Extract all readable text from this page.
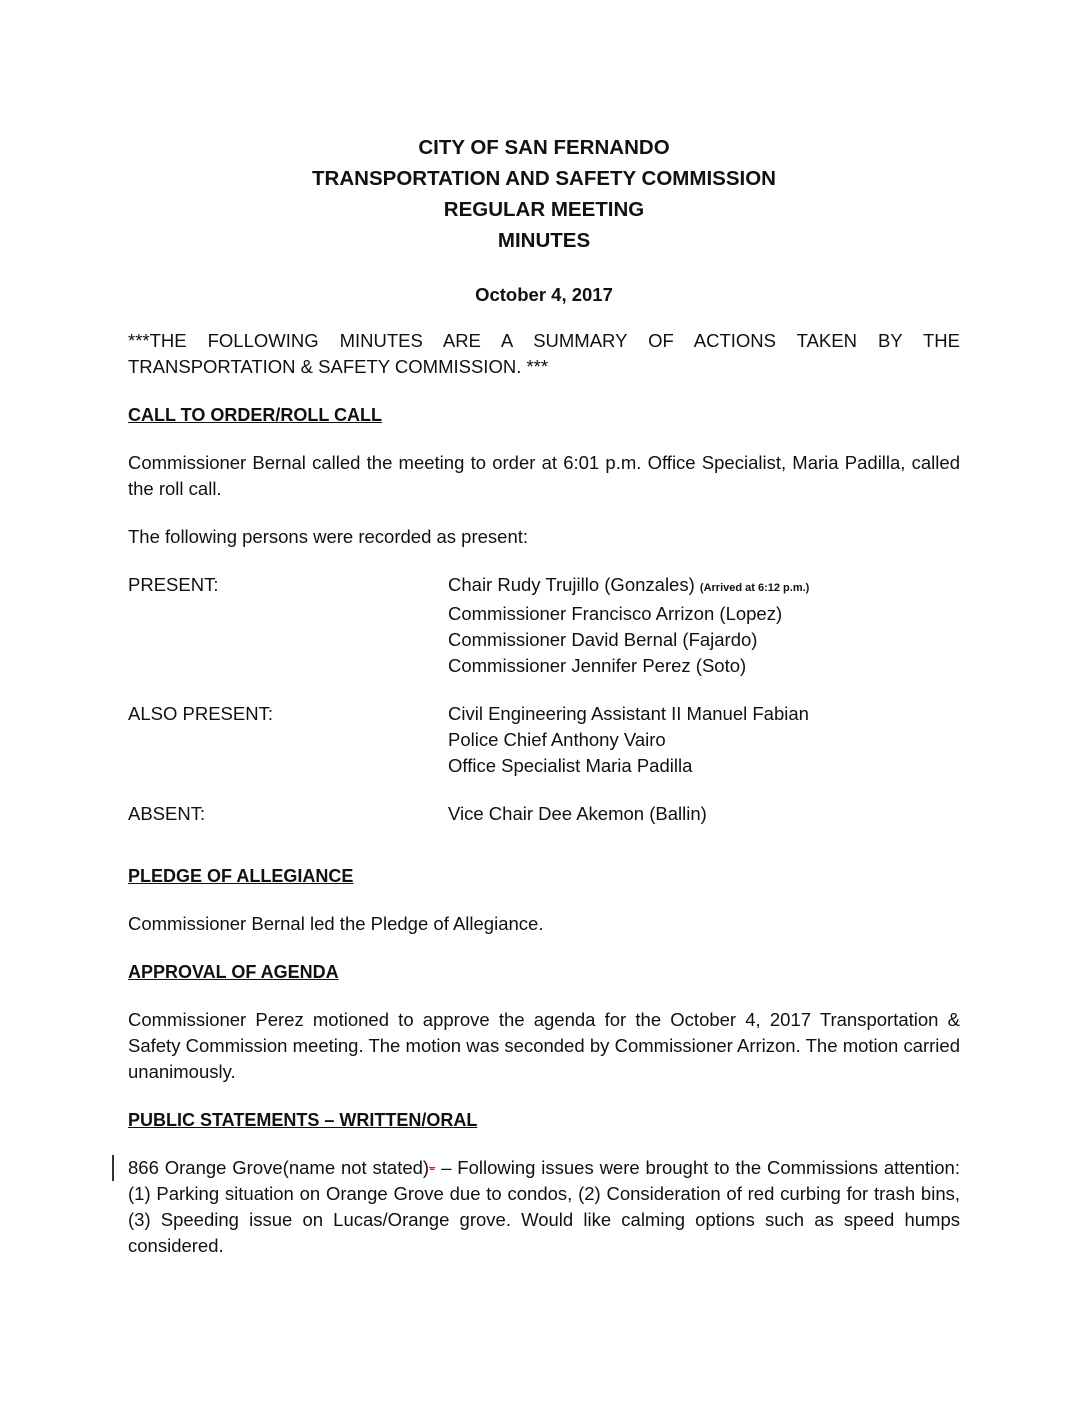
CITY OF SAN FERNANDO
TRANSPORTATION AND SAFETY COMMISSION
REGULAR MEETING
MINUTES
October 4, 2017

***THE FOLLOWING MINUTES ARE A SUMMARY OF ACTIONS TAKEN BY THE TRANSPORTATION & SAFETY COMMISSION. ***

CALL TO ORDER/ROLL CALL

Commissioner Bernal called the meeting to order at 6:01 p.m. Office Specialist, Maria Padilla, called the roll call.

The following persons were recorded as present:

PRESENT:	Chair Rudy Trujillo (Gonzales) (Arrived at 6:12 p.m.)
Commissioner Francisco Arrizon (Lopez)
Commissioner David Bernal (Fajardo)
Commissioner Jennifer Perez (Soto)
ALSO PRESENT:	Civil Engineering Assistant II Manuel Fabian
Police Chief Anthony Vairo
Office Specialist Maria Padilla
ABSENT:	Vice Chair Dee Akemon (Ballin)
PLEDGE OF ALLEGIANCE

Commissioner Bernal led the Pledge of Allegiance.

APPROVAL OF AGENDA

Commissioner Perez motioned to approve the agenda for the October 4, 2017 Transportation & Safety Commission meeting. The motion was seconded by Commissioner Arrizon. The motion carried unanimously.

PUBLIC STATEMENTS – WRITTEN/ORAL

866 Orange Grove(name not stated)- – Following issues were brought to the Commissions attention: (1) Parking situation on Orange Grove due to condos, (2) Consideration of red curbing for trash bins, (3) Speeding issue on Lucas/Orange grove. Would like calming options such as speed humps considered.
